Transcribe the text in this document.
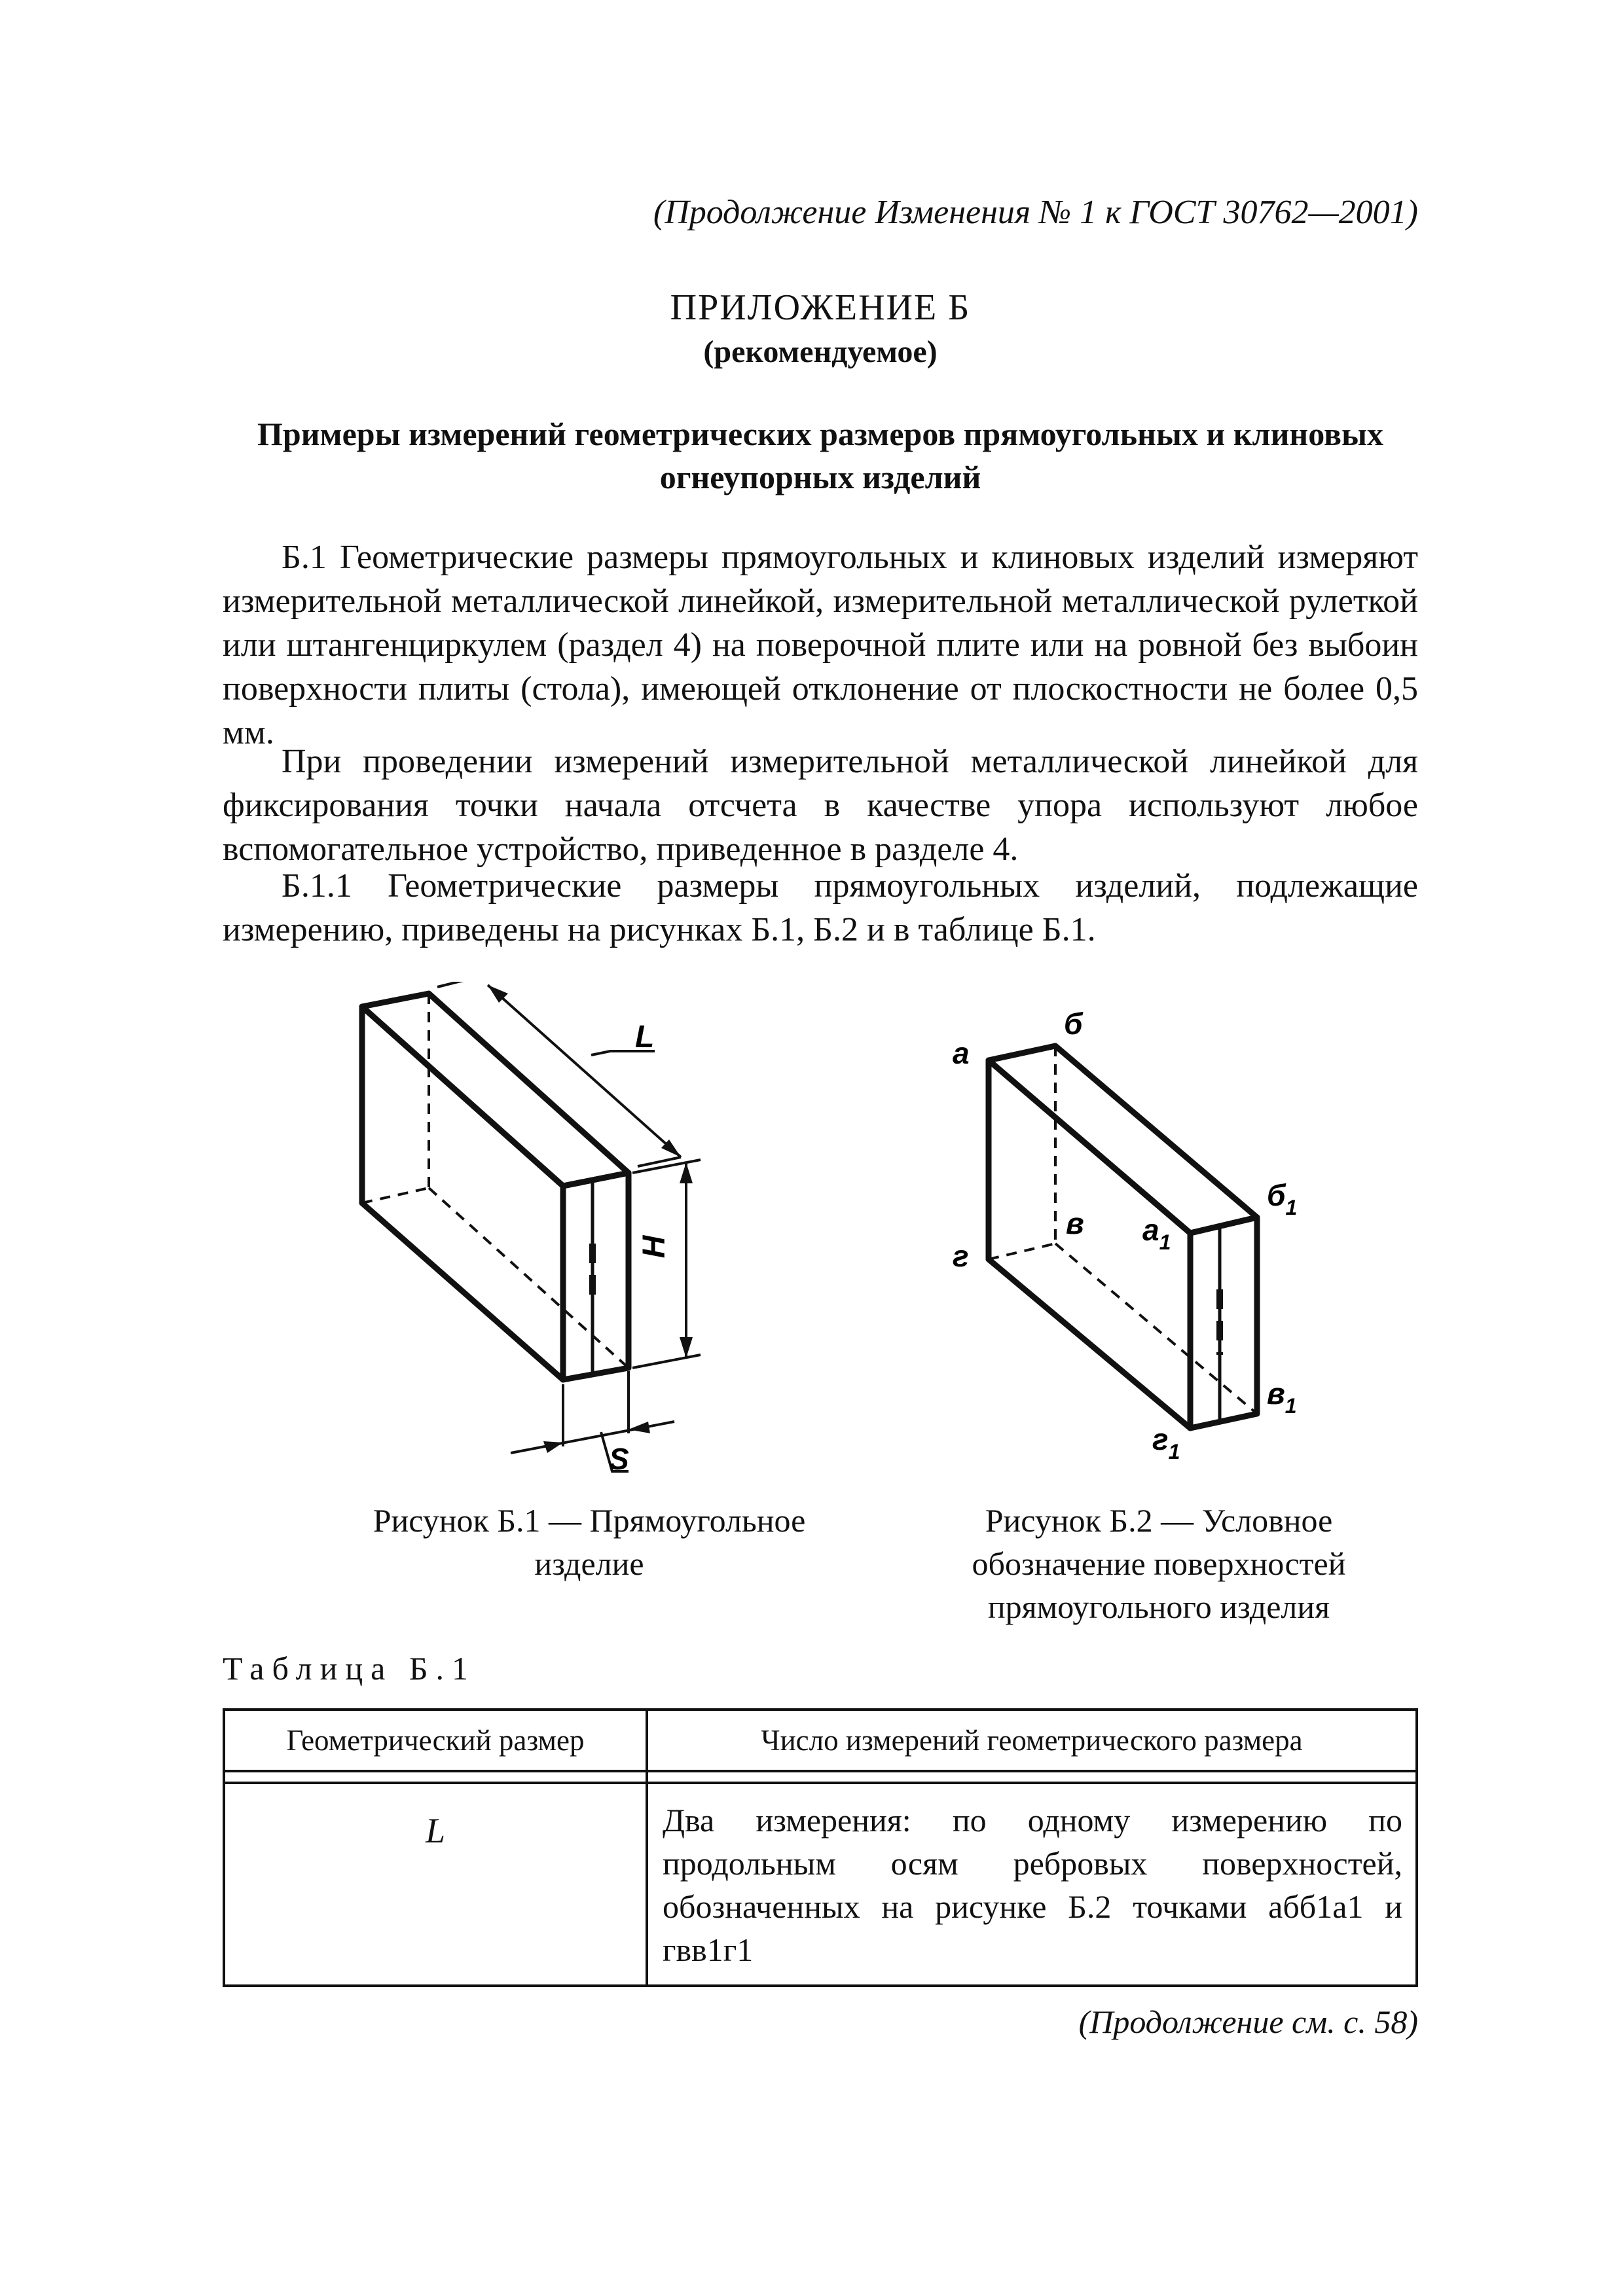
(Продолжение Изменения № 1 к ГОСТ 30762—2001)
ПРИЛОЖЕНИЕ Б
(рекомендуемое)
Примеры измерений геометрических размеров прямоугольных и клиновых огнеупорных изделий

Б.1 Геометрические размеры прямоугольных и клиновых изделий измеряют измерительной металлической линейкой, измерительной металлической рулеткой или штангенциркулем (раздел 4) на поверочной плите или на ровной без выбоин поверхности плиты (стола), имеющей отклонение от плоскостности не более 0,5 мм.

При проведении измерений измерительной металлической линейкой для фиксирования точки начала отсчета в качестве упора используют любое вспомогательное устройство, приведенное в разделе 4.

Б.1.1 Геометрические размеры прямоугольных изделий, подлежащие измерению, приведены на рисунках Б.1, Б.2 и в таблице Б.1.

L
H
S
а
б
г
в
$б_1$
$а_1$
$в_1$
$г_1$
Рисунок Б.1 — Прямоугольное изделие
Рисунок Б.2 — Условное обозначение поверхностей прямоугольного изделия
Таблица Б.1
Геометрический размер	Число измерений геометрического размера

L	Два измерения: по одному измерению по продольным осям ребровых поверхностей, обозначенных на рисунке Б.2 точками абб1а1 и гвв1г1
(Продолжение см. с. 58)
